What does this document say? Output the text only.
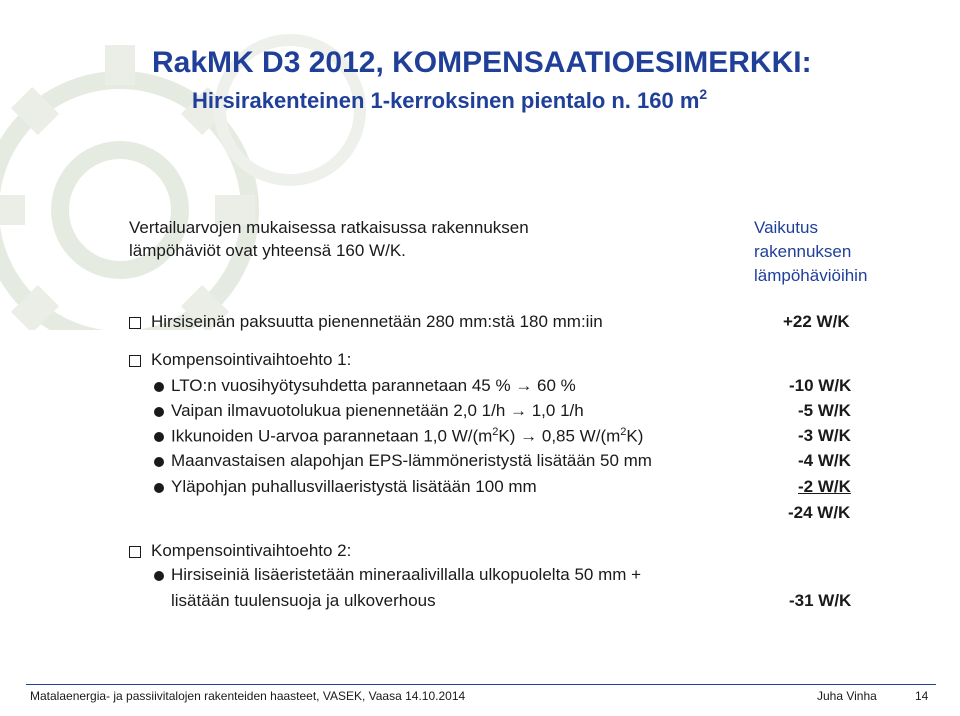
RakMK D3 2012, KOMPENSAATIOESIMERKKI:
Hirsirakenteinen 1-kerroksinen pientalo n. 160 $m^2$
Vertailuarvojen mukaisessa ratkaisussa rakennuksen
lämpöhäviöt ovat yhteensä 160 W/K.
Vaikutus
rakennuksen
lämpöhäviöihin
Hirsiseinän paksuutta pienennetään 280 mm:stä 180 mm:iin	+22 W/K
Kompensointivaihtoehto 1:
LTO:n vuosihyötysuhdetta parannetaan 45 % → 60 %	-10 W/K
Vaipan ilmavuotolukua pienennetään 2,0 1/h → 1,0 1/h	-5 W/K
Ikkunoiden U-arvoa parannetaan 1,0 $W/(m^2K) \to 0,85$ $W/(m^2K)$	-3 W/K
Maanvastaisen alapohjan EPS-lämmöneristystä lisätään 50 mm	-4 W/K
Yläpohjan puhallusvillaeristystä lisätään 100 mm	-2 W/K
-24 W/K
Kompensointivaihtoehto 2:
Hirsiseiniä lisäeristetään mineraalivillalla ulkopuolelta 50 mm +
lisätään tuulensuoja ja ulkoverhous	-31 W/K
Matalaenergia- ja passiivitalojen rakenteiden haasteet, VASEK, Vaasa 14.10.2014	Juha Vinha	14
